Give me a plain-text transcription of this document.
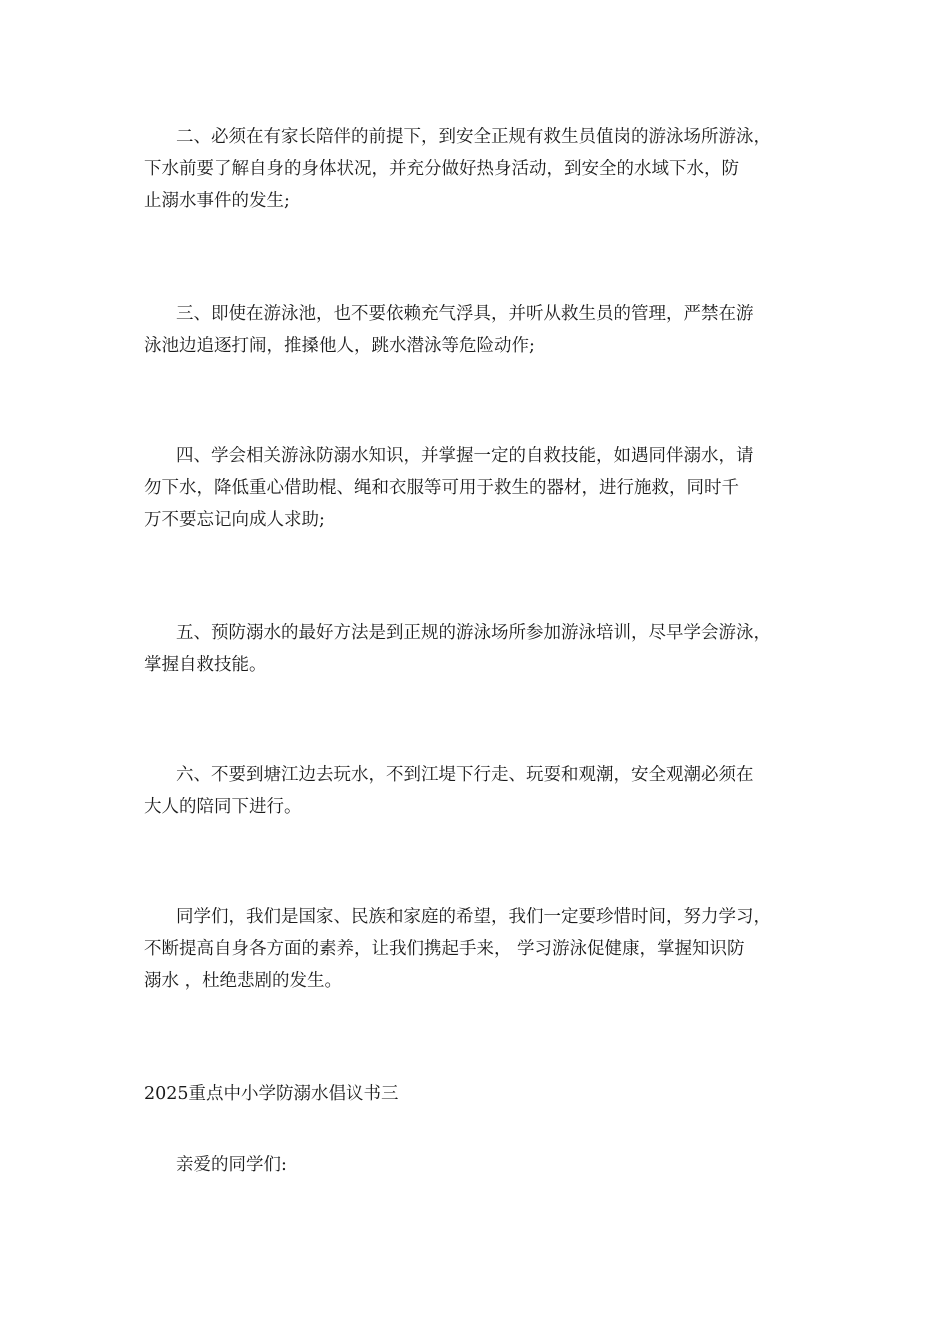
二、必须在有家长陪伴的前提下，到安全正规有救生员值岗的游泳场所游泳，
下水前要了解自身的身体状况，并充分做好热身活动，到安全的水域下水，防
止溺水事件的发生;

三、即使在游泳池，也不要依赖充气浮具，并听从救生员的管理，严禁在游
泳池边追逐打闹，推搡他人，跳水潜泳等危险动作;

四、学会相关游泳防溺水知识，并掌握一定的自救技能，如遇同伴溺水，请
勿下水，降低重心借助棍、绳和衣服等可用于救生的器材，进行施救，同时千
万不要忘记向成人求助;

五、预防溺水的最好方法是到正规的游泳场所参加游泳培训，尽早学会游泳，
掌握自救技能。

六、不要到塘江边去玩水，不到江堤下行走、玩耍和观潮，安全观潮必须在
大人的陪同下进行。

同学们，我们是国家、民族和家庭的希望，我们一定要珍惜时间，努力学习，
不断提高自身各方面的素养，让我们携起手来， 学习游泳促健康，掌握知识防
溺水 ，杜绝悲剧的发生。

2025重点中小学防溺水倡议书三

亲爱的同学们:
